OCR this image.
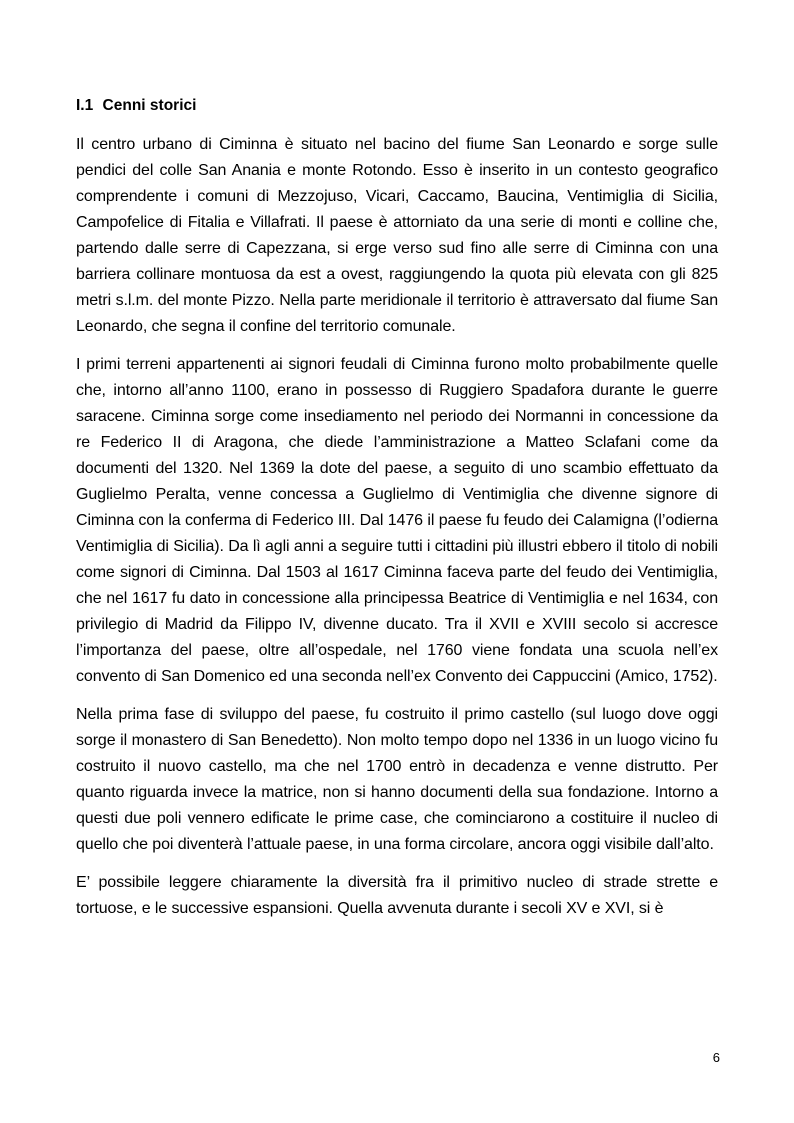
I.1 Cenni storici

Il centro urbano di Ciminna è situato nel bacino del fiume San Leonardo e sorge sulle pendici del colle San Anania e monte Rotondo. Esso è inserito in un contesto geografico comprendente i comuni di Mezzojuso, Vicari, Caccamo, Baucina, Ventimiglia di Sicilia, Campofelice di Fitalia e Villafrati. Il paese è attorniato da una serie di monti e colline che, partendo dalle serre di Capezzana, si erge verso sud fino alle serre di Ciminna con una barriera collinare montuosa da est a ovest, raggiungendo la quota più elevata con gli 825 metri s.l.m. del monte Pizzo. Nella parte meridionale il territorio è attraversato dal fiume San Leonardo, che segna il confine del territorio comunale.

I primi terreni appartenenti ai signori feudali di Ciminna furono molto probabilmente quelle che, intorno all’anno 1100, erano in possesso di Ruggiero Spadafora durante le guerre saracene. Ciminna sorge come insediamento nel periodo dei Normanni in concessione da re Federico II di Aragona, che diede l’amministrazione a Matteo Sclafani come da documenti del 1320. Nel 1369 la dote del paese, a seguito di uno scambio effettuato da Guglielmo Peralta, venne concessa a Guglielmo di Ventimiglia che divenne signore di Ciminna con la conferma di Federico III. Dal 1476 il paese fu feudo dei Calamigna (l’odierna Ventimiglia di Sicilia). Da lì agli anni a seguire tutti i cittadini più illustri ebbero il titolo di nobili come signori di Ciminna. Dal 1503 al 1617 Ciminna faceva parte del feudo dei Ventimiglia, che nel 1617 fu dato in concessione alla principessa Beatrice di Ventimiglia e nel 1634, con privilegio di Madrid da Filippo IV, divenne ducato. Tra il XVII e XVIII secolo si accresce l’importanza del paese, oltre all’ospedale, nel 1760 viene fondata una scuola nell’ex convento di San Domenico ed una seconda nell’ex Convento dei Cappuccini (Amico, 1752).

Nella prima fase di sviluppo del paese, fu costruito il primo castello (sul luogo dove oggi sorge il monastero di San Benedetto). Non molto tempo dopo nel 1336 in un luogo vicino fu costruito il nuovo castello, ma che nel 1700 entrò in decadenza e venne distrutto. Per quanto riguarda invece la matrice, non si hanno documenti della sua fondazione. Intorno a questi due poli vennero edificate le prime case, che cominciarono a costituire il nucleo di quello che poi diventerà l’attuale paese, in una forma circolare, ancora oggi visibile dall’alto.

E’ possibile leggere chiaramente la diversità fra il primitivo nucleo di strade strette e tortuose, e le successive espansioni. Quella avvenuta durante i secoli XV e XVI, si è

6
